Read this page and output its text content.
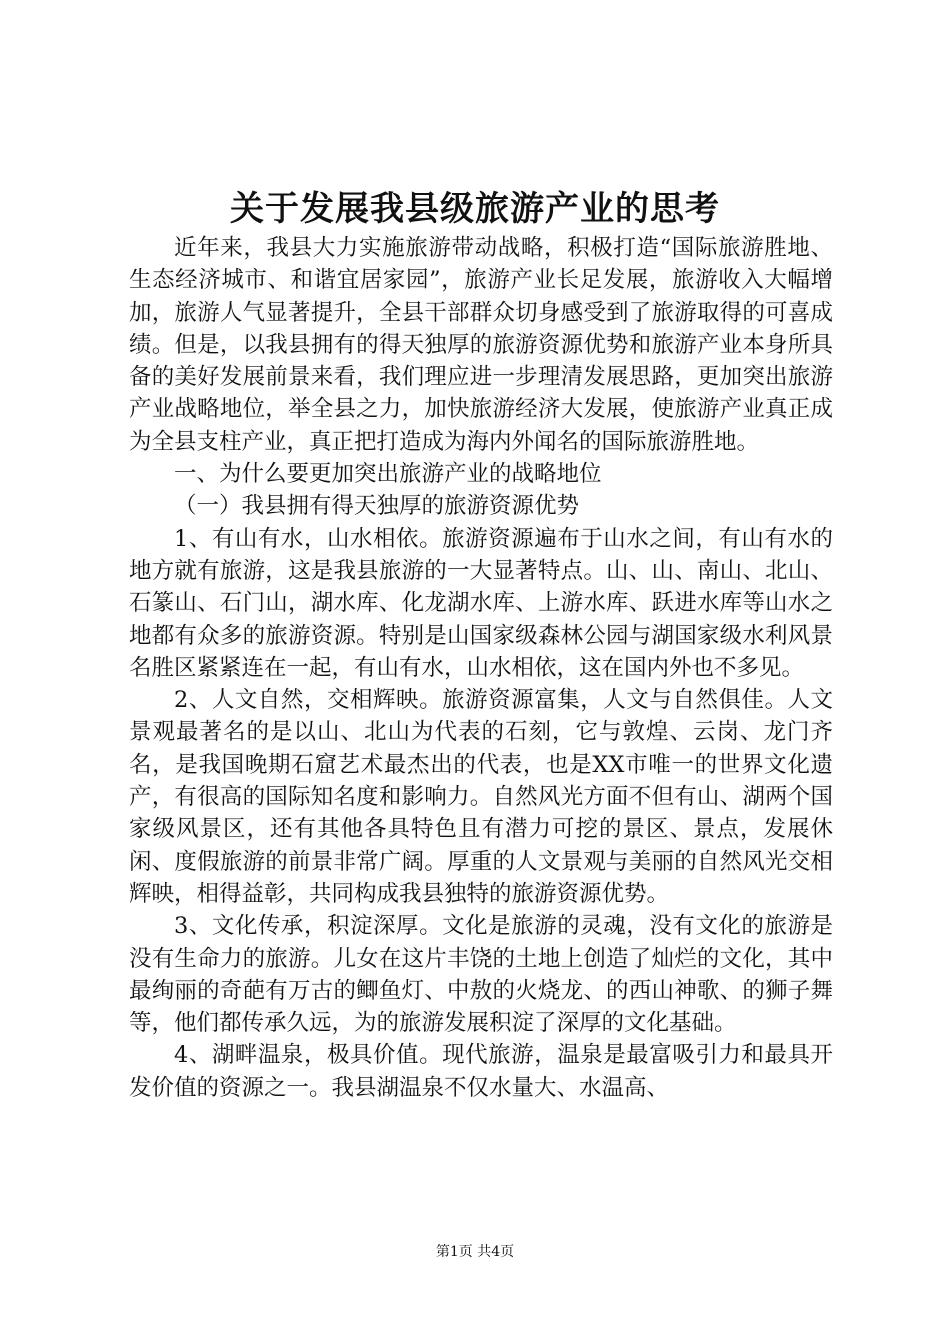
关于发展我县级旅游产业的思考

近年来，我县大力实施旅游带动战略，积极打造“国际旅游胜地、生态经济城市、和谐宜居家园”，旅游产业长足发展，旅游收入大幅增加，旅游人气显著提升，全县干部群众切身感受到了旅游取得的可喜成绩。但是，以我县拥有的得天独厚的旅游资源优势和旅游产业本身所具备的美好发展前景来看，我们理应进一步理清发展思路，更加突出旅游产业战略地位，举全县之力，加快旅游经济大发展，使旅游产业真正成为全县支柱产业，真正把打造成为海内外闻名的国际旅游胜地。

一、为什么要更加突出旅游产业的战略地位

（一）我县拥有得天独厚的旅游资源优势

1、有山有水，山水相依。旅游资源遍布于山水之间，有山有水的地方就有旅游，这是我县旅游的一大显著特点。山、山、南山、北山、石篆山、石门山，湖水库、化龙湖水库、上游水库、跃进水库等山水之地都有众多的旅游资源。特别是山国家级森林公园与湖国家级水利风景名胜区紧紧连在一起，有山有水，山水相依，这在国内外也不多见。

2、人文自然，交相辉映。旅游资源富集，人文与自然俱佳。人文景观最著名的是以山、北山为代表的石刻，它与敦煌、云岗、龙门齐名，是我国晚期石窟艺术最杰出的代表，也是XX市唯一的世界文化遗产，有很高的国际知名度和影响力。自然风光方面不但有山、湖两个国家级风景区，还有其他各具特色且有潜力可挖的景区、景点，发展休闲、度假旅游的前景非常广阔。厚重的人文景观与美丽的自然风光交相辉映，相得益彰，共同构成我县独特的旅游资源优势。

3、文化传承，积淀深厚。文化是旅游的灵魂，没有文化的旅游是没有生命力的旅游。儿女在这片丰饶的土地上创造了灿烂的文化，其中最绚丽的奇葩有万古的鲫鱼灯、中敖的火烧龙、的西山神歌、的狮子舞等，他们都传承久远，为的旅游发展积淀了深厚的文化基础。

4、湖畔温泉，极具价值。现代旅游，温泉是最富吸引力和最具开发价值的资源之一。我县湖温泉不仅水量大、水温高、

第1页 共4页
